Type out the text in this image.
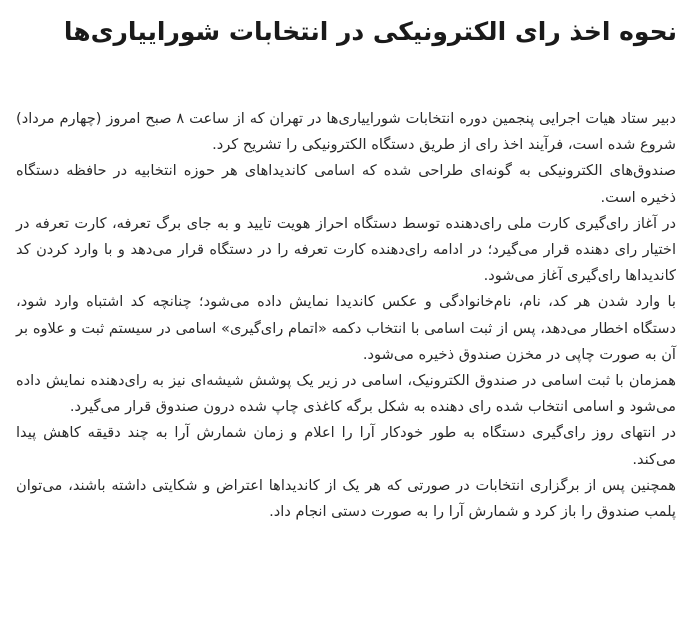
نحوه اخذ رای الکترونیکی در انتخابات شوراییاری‌ها

دبیر ستاد هیات اجرایی پنجمین دوره انتخابات شوراییاری‌ها در تهران که از ساعت ۸ صبح امروز (چهارم مرداد) شروع شده است، فرآیند اخذ رای از طریق دستگاه الکترونیکی را تشریح کرد.

صندوق‌های الکترونیکی به گونه‌ای طراحی شده که اسامی کاندیداهای هر حوزه انتخابیه در حافظه دستگاه ذخیره است.

در آغاز رای‌گیری کارت ملی رای‌دهنده توسط دستگاه احراز هویت تایید و به جای برگ تعرفه، کارت تعرفه در اختیار رای دهنده قرار می‌گیرد؛ در ادامه رای‌دهنده کارت تعرفه را در دستگاه قرار می‌دهد و با وارد کردن کد کاندیداها رای‌گیری آغاز می‌شود.

با وارد شدن هر کد، نام، نام‌خانوادگی و عکس کاندیدا نمایش داده می‌شود؛ چنانچه کد اشتباه وارد شود، دستگاه اخطار می‌دهد، پس از ثبت اسامی با انتخاب دکمه «اتمام رای‌گیری» اسامی در سیستم ثبت و علاوه بر آن به صورت چاپی در مخزن صندوق ذخیره می‌شود.

همزمان با ثبت اسامی در صندوق الکترونیک، اسامی در زیر یک پوشش شیشه‌ای نیز به رای‌دهنده نمایش داده می‌شود و اسامی انتخاب شده رای دهنده به شکل برگه کاغذی چاپ شده درون صندوق قرار می‌گیرد.

در انتهای روز رای‌گیری دستگاه به طور خودکار آرا را اعلام و زمان شمارش آرا به چند دقیقه کاهش پیدا می‌کند.

همچنین پس از برگزاری انتخابات در صورتی که هر یک از کاندیداها اعتراض و شکایتی داشته باشند، می‌توان پلمب صندوق را باز کرد و شمارش آرا را به صورت دستی انجام داد.
